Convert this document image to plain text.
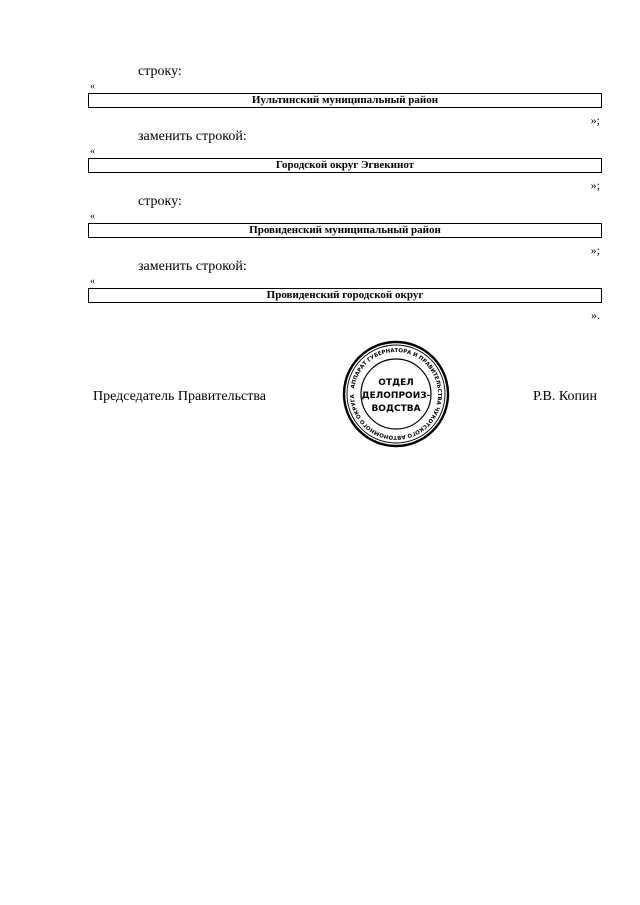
строку:
«
Иультинский муниципальный район
»;
заменить строкой:
«
Городской округ Эгвекинот
»;
строку:
«
Провиденский муниципальный район
»;
заменить строкой:
«
Провиденский городской округ
».
Председатель Правительства	Р.В. Копин
АППАРАТ ГУБЕРНАТОРА И ПРАВИТЕЛЬСТВА ЧУКОТСКОГО АВТОНОМНОГО ОКРУГА
ОТДЕЛ
ДЕЛОПРОИЗ-
ВОДСТВА
